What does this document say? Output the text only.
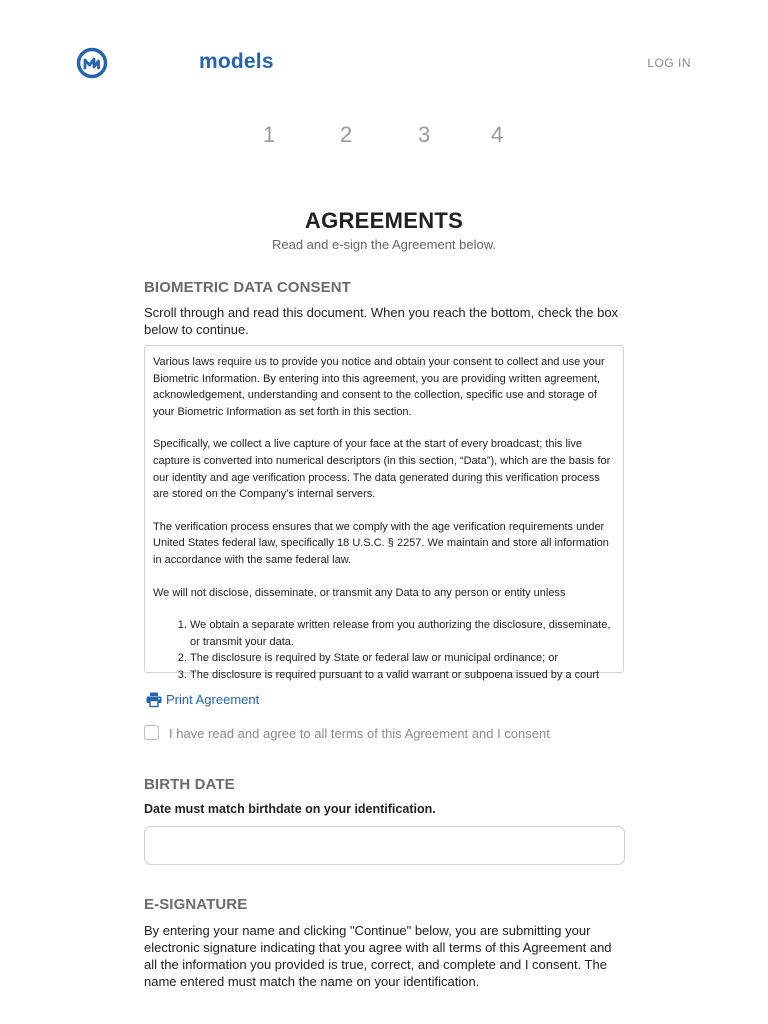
models	LOG IN
1	2	3	4
AGREEMENTS
Read and e-sign the Agreement below.
BIOMETRIC DATA CONSENT
Scroll through and read this document. When you reach the bottom, check the box below to continue.

Various laws require us to provide you notice and obtain your consent to collect and use your Biometric Information. By entering into this agreement, you are providing written agreement, acknowledgement, understanding and consent to the collection, specific use and storage of your Biometric Information as set forth in this section.

Specifically, we collect a live capture of your face at the start of every broadcast; this live capture is converted into numerical descriptors (in this section, “Data”), which are the basis for our identity and age verification process. The data generated during this verification process are stored on the Company’s internal servers.

The verification process ensures that we comply with the age verification requirements under United States federal law, specifically 18 U.S.C. § 2257. We maintain and store all information in accordance with the same federal law.

We will not disclose, disseminate, or transmit any Data to any person or entity unless

1. We obtain a separate written release from you authorizing the disclosure, disseminate, or transmit your data.
2. The disclosure is required by State or federal law or municipal ordinance; or
3. The disclosure is required pursuant to a valid warrant or subpoena issued by a court
Print Agreement
I have read and agree to all terms of this Agreement and I consent
BIRTH DATE
Date must match birthdate on your identification.
E-SIGNATURE
By entering your name and clicking "Continue" below, you are submitting your electronic signature indicating that you agree with all terms of this Agreement and all the information you provided is true, correct, and complete and I consent. The name entered must match the name on your identification.
